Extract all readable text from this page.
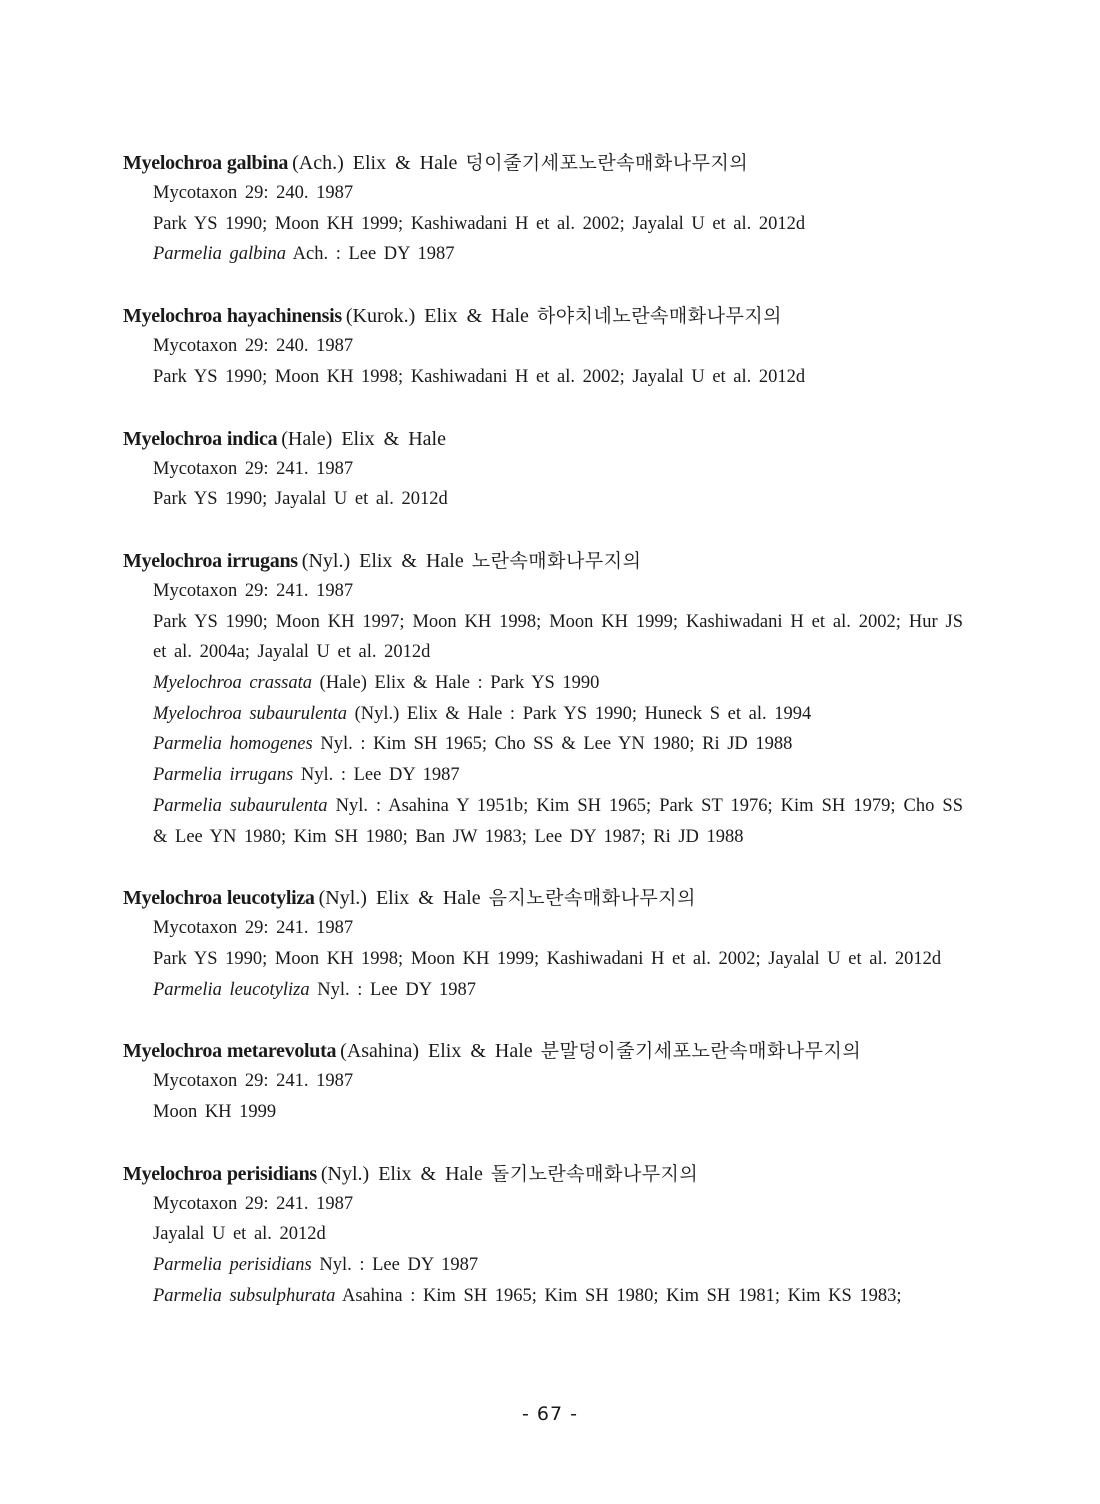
Myelochroa galbina (Ach.) Elix & Hale 덩이줄기세포노란속매화나무지의
Mycotaxon 29: 240. 1987
Park YS 1990; Moon KH 1999; Kashiwadani H et al. 2002; Jayalal U et al. 2012d
Parmelia galbina Ach. : Lee DY 1987
Myelochroa hayachinensis (Kurok.) Elix & Hale 하야치네노란속매화나무지의
Mycotaxon 29: 240. 1987
Park YS 1990; Moon KH 1998; Kashiwadani H et al. 2002; Jayalal U et al. 2012d
Myelochroa indica (Hale) Elix & Hale
Mycotaxon 29: 241. 1987
Park YS 1990; Jayalal U et al. 2012d
Myelochroa irrugans (Nyl.) Elix & Hale 노란속매화나무지의
Mycotaxon 29: 241. 1987
Park YS 1990; Moon KH 1997; Moon KH 1998; Moon KH 1999; Kashiwadani H et al. 2002; Hur JS et al. 2004a; Jayalal U et al. 2012d
Myelochroa crassata (Hale) Elix & Hale : Park YS 1990
Myelochroa subaurulenta (Nyl.) Elix & Hale : Park YS 1990; Huneck S et al. 1994
Parmelia homogenes Nyl. : Kim SH 1965; Cho SS & Lee YN 1980; Ri JD 1988
Parmelia irrugans Nyl. : Lee DY 1987
Parmelia subaurulenta Nyl. : Asahina Y 1951b; Kim SH 1965; Park ST 1976; Kim SH 1979; Cho SS & Lee YN 1980; Kim SH 1980; Ban JW 1983; Lee DY 1987; Ri JD 1988
Myelochroa leucotyliza (Nyl.) Elix & Hale 음지노란속매화나무지의
Mycotaxon 29: 241. 1987
Park YS 1990; Moon KH 1998; Moon KH 1999; Kashiwadani H et al. 2002; Jayalal U et al. 2012d
Parmelia leucotyliza Nyl. : Lee DY 1987
Myelochroa metarevoluta (Asahina) Elix & Hale 분말덩이줄기세포노란속매화나무지의
Mycotaxon 29: 241. 1987
Moon KH 1999
Myelochroa perisidians (Nyl.) Elix & Hale 돌기노란속매화나무지의
Mycotaxon 29: 241. 1987
Jayalal U et al. 2012d
Parmelia perisidians Nyl. : Lee DY 1987
Parmelia subsulphurata Asahina : Kim SH 1965; Kim SH 1980; Kim SH 1981; Kim KS 1983;
- 67 -
